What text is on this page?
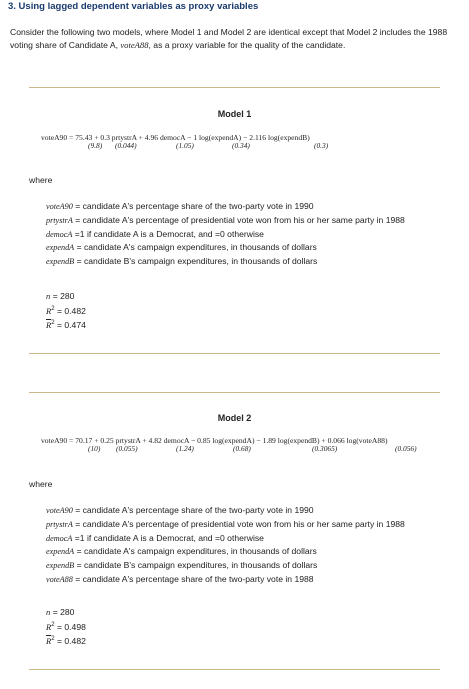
3. Using lagged dependent variables as proxy variables
Consider the following two models, where Model 1 and Model 2 are identical except that Model 2 includes the 1988 voting share of Candidate A, voteA88, as a proxy variable for the quality of the candidate.
Model 1
voteA90 = 75.43 + 0.3 prtystrA + 4.96 democA − 1 log(expendA) − 2.116 log(expendB)
(9.8) (0.044)	(1.05)	(0.34)	(0.3)
where
voteA90 = candidate A's percentage share of the two-party vote in 1990
prtystrA = candidate A's percentage of presidential vote won from his or her same party in 1988
democA =1 if candidate A is a Democrat, and =0 otherwise
expendA = candidate A's campaign expenditures, in thousands of dollars
expendB = candidate B's campaign expenditures, in thousands of dollars
n = 280
$R^2 = 0.482$
$\overline{R}^2 = 0.474$
Model 2
voteA90 = 70.17 + 0.25 prtystrA + 4.82 democA − 0.85 log(expendA) − 1.89 log(expendB) + 0.066 log(voteA88)
(10) (0.055)	(1.24)	(0.68)	(0.3065)	(0.056)
where
voteA90 = candidate A's percentage share of the two-party vote in 1990
prtystrA = candidate A's percentage of presidential vote won from his or her same party in 1988
democA =1 if candidate A is a Democrat, and =0 otherwise
expendA = candidate A's campaign expenditures, in thousands of dollars
expendB = candidate B's campaign expenditures, in thousands of dollars
voteA88 = candidate A's percentage share of the two-party vote in 1988
n = 280
$R^2 = 0.498$
$\overline{R}^2 = 0.482$
